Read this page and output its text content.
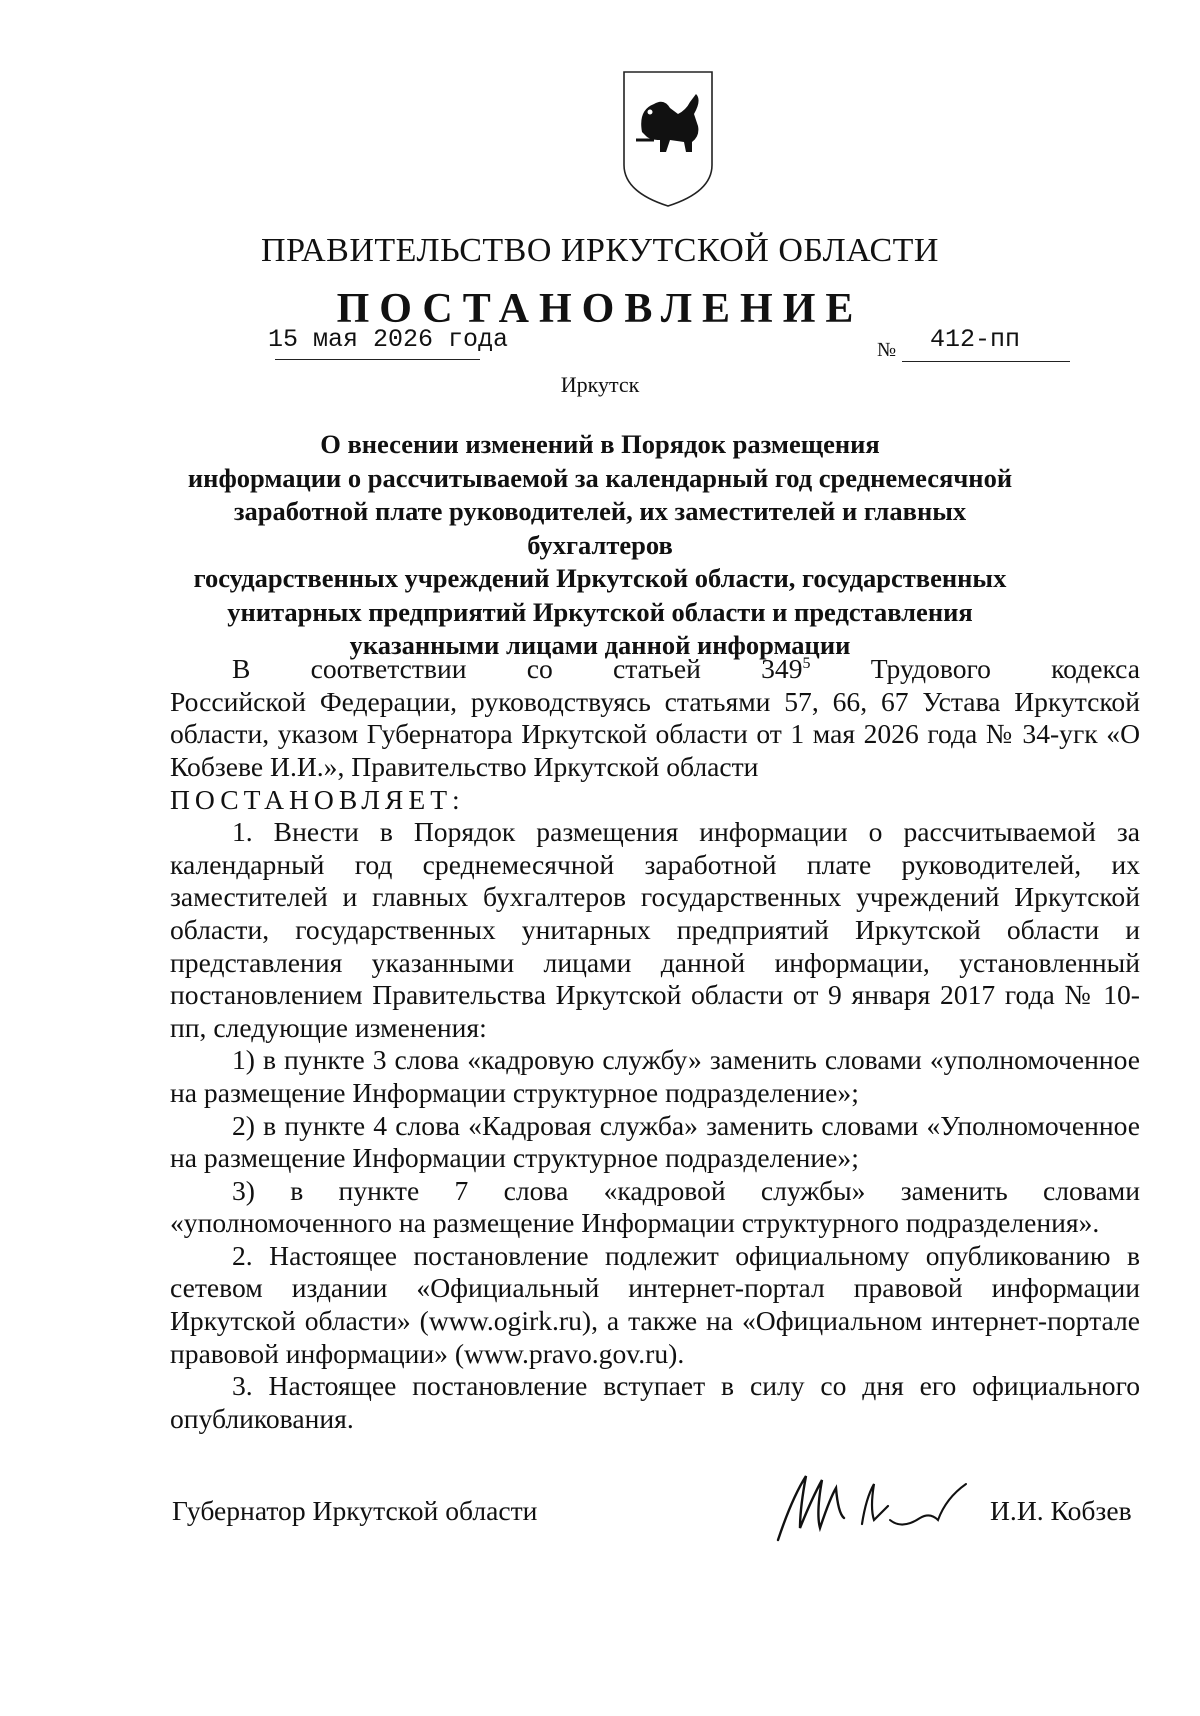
ПРАВИТЕЛЬСТВО ИРКУТСКОЙ ОБЛАСТИ
ПОСТАНОВЛЕНИЕ
15 мая 2026 года	№ 412-пп
Иркутск
О внесении изменений в Порядок размещения
информации о рассчитываемой за календарный год среднемесячной
заработной плате руководителей, их заместителей и главных бухгалтеров
государственных учреждений Иркутской области, государственных
унитарных предприятий Иркутской области и представления
указанными лицами данной информации

В соответствии со статьей $349^5$ Трудового кодекса

Российской Федерации, руководствуясь статьями 57, 66, 67 Устава Иркутской области, указом Губернатора Иркутской области от 1 мая 2026 года № 34-угк «О Кобзеве И.И.», Правительство Иркутской области

ПОСТАНОВЛЯЕТ:

1. Внести в Порядок размещения информации о рассчитываемой за календарный год среднемесячной заработной плате руководителей, их заместителей и главных бухгалтеров государственных учреждений Иркутской области, государственных унитарных предприятий Иркутской области и представления указанными лицами данной информации, установленный постановлением Правительства Иркутской области от 9 января 2017 года № 10-пп, следующие изменения:

1) в пункте 3 слова «кадровую службу» заменить словами «уполномоченное на размещение Информации структурное подразделение»;

2) в пункте 4 слова «Кадровая служба» заменить словами «Уполномоченное на размещение Информации структурное подразделение»;

3) в пункте 7 слова «кадровой службы» заменить словами «уполномоченного на размещение Информации структурного подразделения».

2. Настоящее постановление подлежит официальному опубликованию в сетевом издании «Официальный интернет-портал правовой информации Иркутской области» (www.ogirk.ru), а также на «Официальном интернет-портале правовой информации» (www.pravo.gov.ru).

3. Настоящее постановление вступает в силу со дня его официального опубликования.

Губернатор Иркутской области	И.И. Кобзев
